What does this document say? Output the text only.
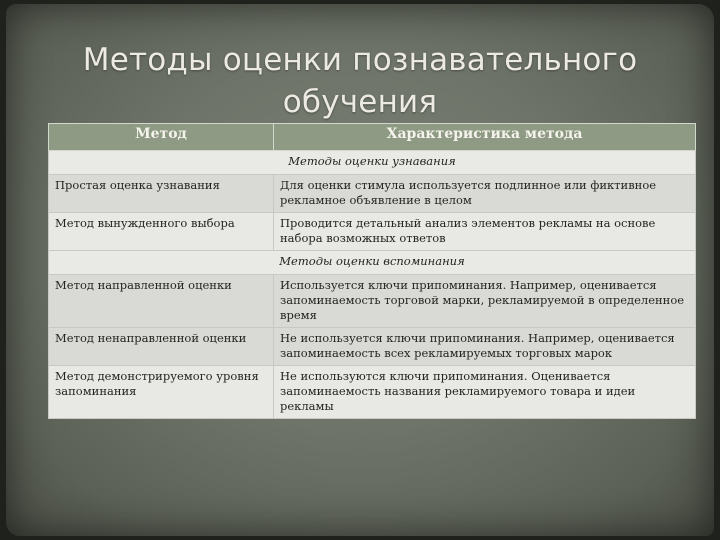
Методы оценки познавательного
обучения
Метод	Характеристика метода
Методы оценки узнавания	
Простая оценка узнавания	Для оценки стимула используется подлинное или фиктивное рекламное объявление в целом
Метод вынужденного выбора	Проводится детальный анализ элементов рекламы на основе набора возможных ответов
Методы оценки вспоминания	
Метод направленной оценки	Используется ключи припоминания. Например, оценивается запоминаемость торговой марки, рекламируемой в определенное время
Метод ненаправленной оценки	Не используется ключи припоминания. Например, оценивается запоминаемость всех рекламируемых торговых марок
Метод демонстрируемого уровня запоминания	Не используются ключи припоминания. Оценивается запоминаемость названия рекламируемого товара и идеи рекламы
